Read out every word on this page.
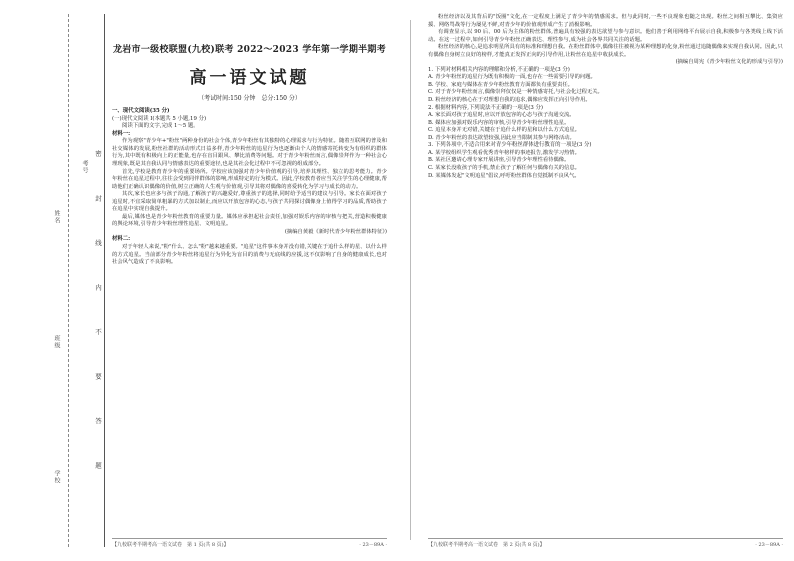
考号
姓名
班级
学校	密 封 线 内 不 要 答 题
龙岩市一级校联盟(九校)联考 2022～2023 学年第一学期半期考
高一语文试题
（考试时间:150 分钟　总分:150 分）
一、现代文阅读(35 分)
(一)现代文阅读 I(本题共 5 小题,19 分)
阅读下面的文字,完成 1～5 题。
材料一:

作为观察"青少年+"粉丝"两种身份的社会个体,青少年粉丝有其独特的心理需求与行为特征。随着互联网的普及和社交媒体的发展,粉丝社群的活动形式日益多样,青少年粉丝的追星行为也逐渐由个人的情感寄托转变为有组织的群体行为,其中既有积极向上的正能量,也存在盲目跟风、攀比消费等问题。对于青少年粉丝而言,偶像崇拜作为一种社会心理现象,既是其自我认同与情感表达的重要途径,也是其社会化过程中不可忽视的组成部分。

首先,学校是教育青少年的重要场所。学校应该加强对青少年价值观的引导,培养其理性、独立的思考能力。青少年粉丝在追星过程中,往往会受到同伴群体的影响,形成特定的行为模式。因此,学校教育者应当关注学生的心理健康,帮助他们正确认识偶像的价值,树立正确的人生观与价值观,引导其将对偶像的喜爱转化为学习与成长的动力。

其次,家长也应多与孩子沟通,了解孩子的兴趣爱好,尊重孩子的选择,同时给予适当的建议与引导。家长在面对孩子追星时,不宜采取简单粗暴的方式加以制止,而应以开放包容的心态,与孩子共同探讨偶像身上值得学习的品质,帮助孩子在追星中实现自我提升。

最后,媒体也是青少年粉丝教育的重要力量。媒体应承担起社会责任,加强对娱乐内容的审核与把关,营造积极健康的舆论环境,引导青少年粉丝理性追星、文明追星。

(摘编自黄毅《新时代青少年粉丝群体特征》)
材料二:

对于年轻人来说,"粉"什么、怎么"粉"越来越重要。"追星"这件事本身并没有错,关键在于追什么样的星、以什么样的方式追星。当前部分青少年粉丝将追星行为异化为盲目的消费与无底线的应援,这不仅影响了自身的健康成长,也对社会风气造成了不良影响。

【九校联考半期考高一语文试卷　第 1 页(共 8 页)】	· 23－89A ·

粉丝经济以及其背后的"饭圈"文化,在一定程度上满足了青少年的情感需求。但与此同时,一些不良现象也随之出现。粉丝之间相互攀比、集资应援、网络骂战等行为屡见不鲜,对青少年的价值观形成产生了消极影响。

有调查显示,以 90 后、00 后为主体的粉丝群体,普遍具有较强的表达欲望与参与意识。他们善于利用网络平台展示自我,积极参与各类线上线下活动。在这一过程中,如何引导青少年粉丝正确表达、理性参与,成为社会各界共同关注的话题。

粉丝经济的核心,是追求明星所具有的标准和理想自我。在粉丝群体中,偶像往往被视为某种理想的化身,粉丝通过追随偶像来实现自我认同。因此,只有偶像自身树立良好的榜样,才能真正发挥正向的引导作用,让粉丝在追星中收获成长。

(摘编自周宪《青少年粉丝文化的形成与引导》)
1. 下列对材料相关内容的理解和分析,不正确的一项是(3 分)
A. 青少年粉丝的追星行为既有积极的一面,也存在一些需要引导的问题。
B. 学校、家庭与媒体在青少年粉丝教育方面都负有重要责任。
C. 对于青少年粉丝而言,偶像崇拜仅仅是一种情感寄托,与社会化过程无关。
D. 粉丝经济的核心在于对理想自我的追求,偶像应发挥正向引导作用。
2. 根据材料内容,下列说法不正确的一项是(3 分)
A. 家长面对孩子追星时,应以开放包容的心态与孩子沟通交流。
B. 媒体应加强对娱乐内容的审核,引导青少年粉丝理性追星。
C. 追星本身并无对错,关键在于追什么样的星和以什么方式追星。
D. 青少年粉丝的表达欲望较强,因此应当限制其参与网络活动。
3. 下列各项中,不适合用来对青少年粉丝群体进行教育的一项是(3 分)
A. 某学校组织学生观看优秀青年榜样的事迹报告,激发学习热情。
B. 某社区邀请心理专家开展讲座,引导青少年理性看待偶像。
C. 某家长没收孩子的手机,禁止孩子了解任何与偶像有关的信息。
D. 某媒体发起"文明追星"倡议,呼吁粉丝群体自觉抵制不良风气。
【九校联考半期考高一语文试卷　第 2 页(共 8 页)】	· 23－89A ·
